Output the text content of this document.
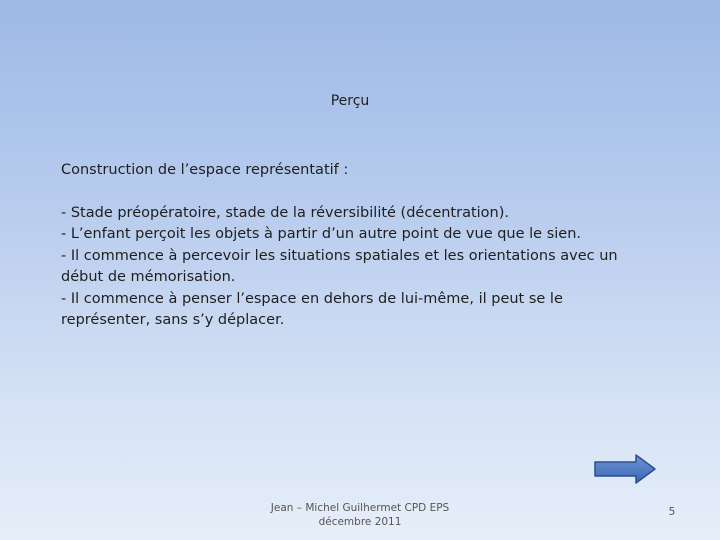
Perçu

Construction de l’espace représentatif :

- Stade préopératoire, stade de la réversibilité (décentration).

- L’enfant perçoit les objets à partir d’un autre point de vue que le sien.

- Il commence à percevoir les situations spatiales et les orientations avec un début de mémorisation.

- Il commence à penser l’espace en dehors de lui-même, il peut se le représenter, sans s’y déplacer.

Jean – Michel Guilhermet CPD EPS
décembre 2011
5
